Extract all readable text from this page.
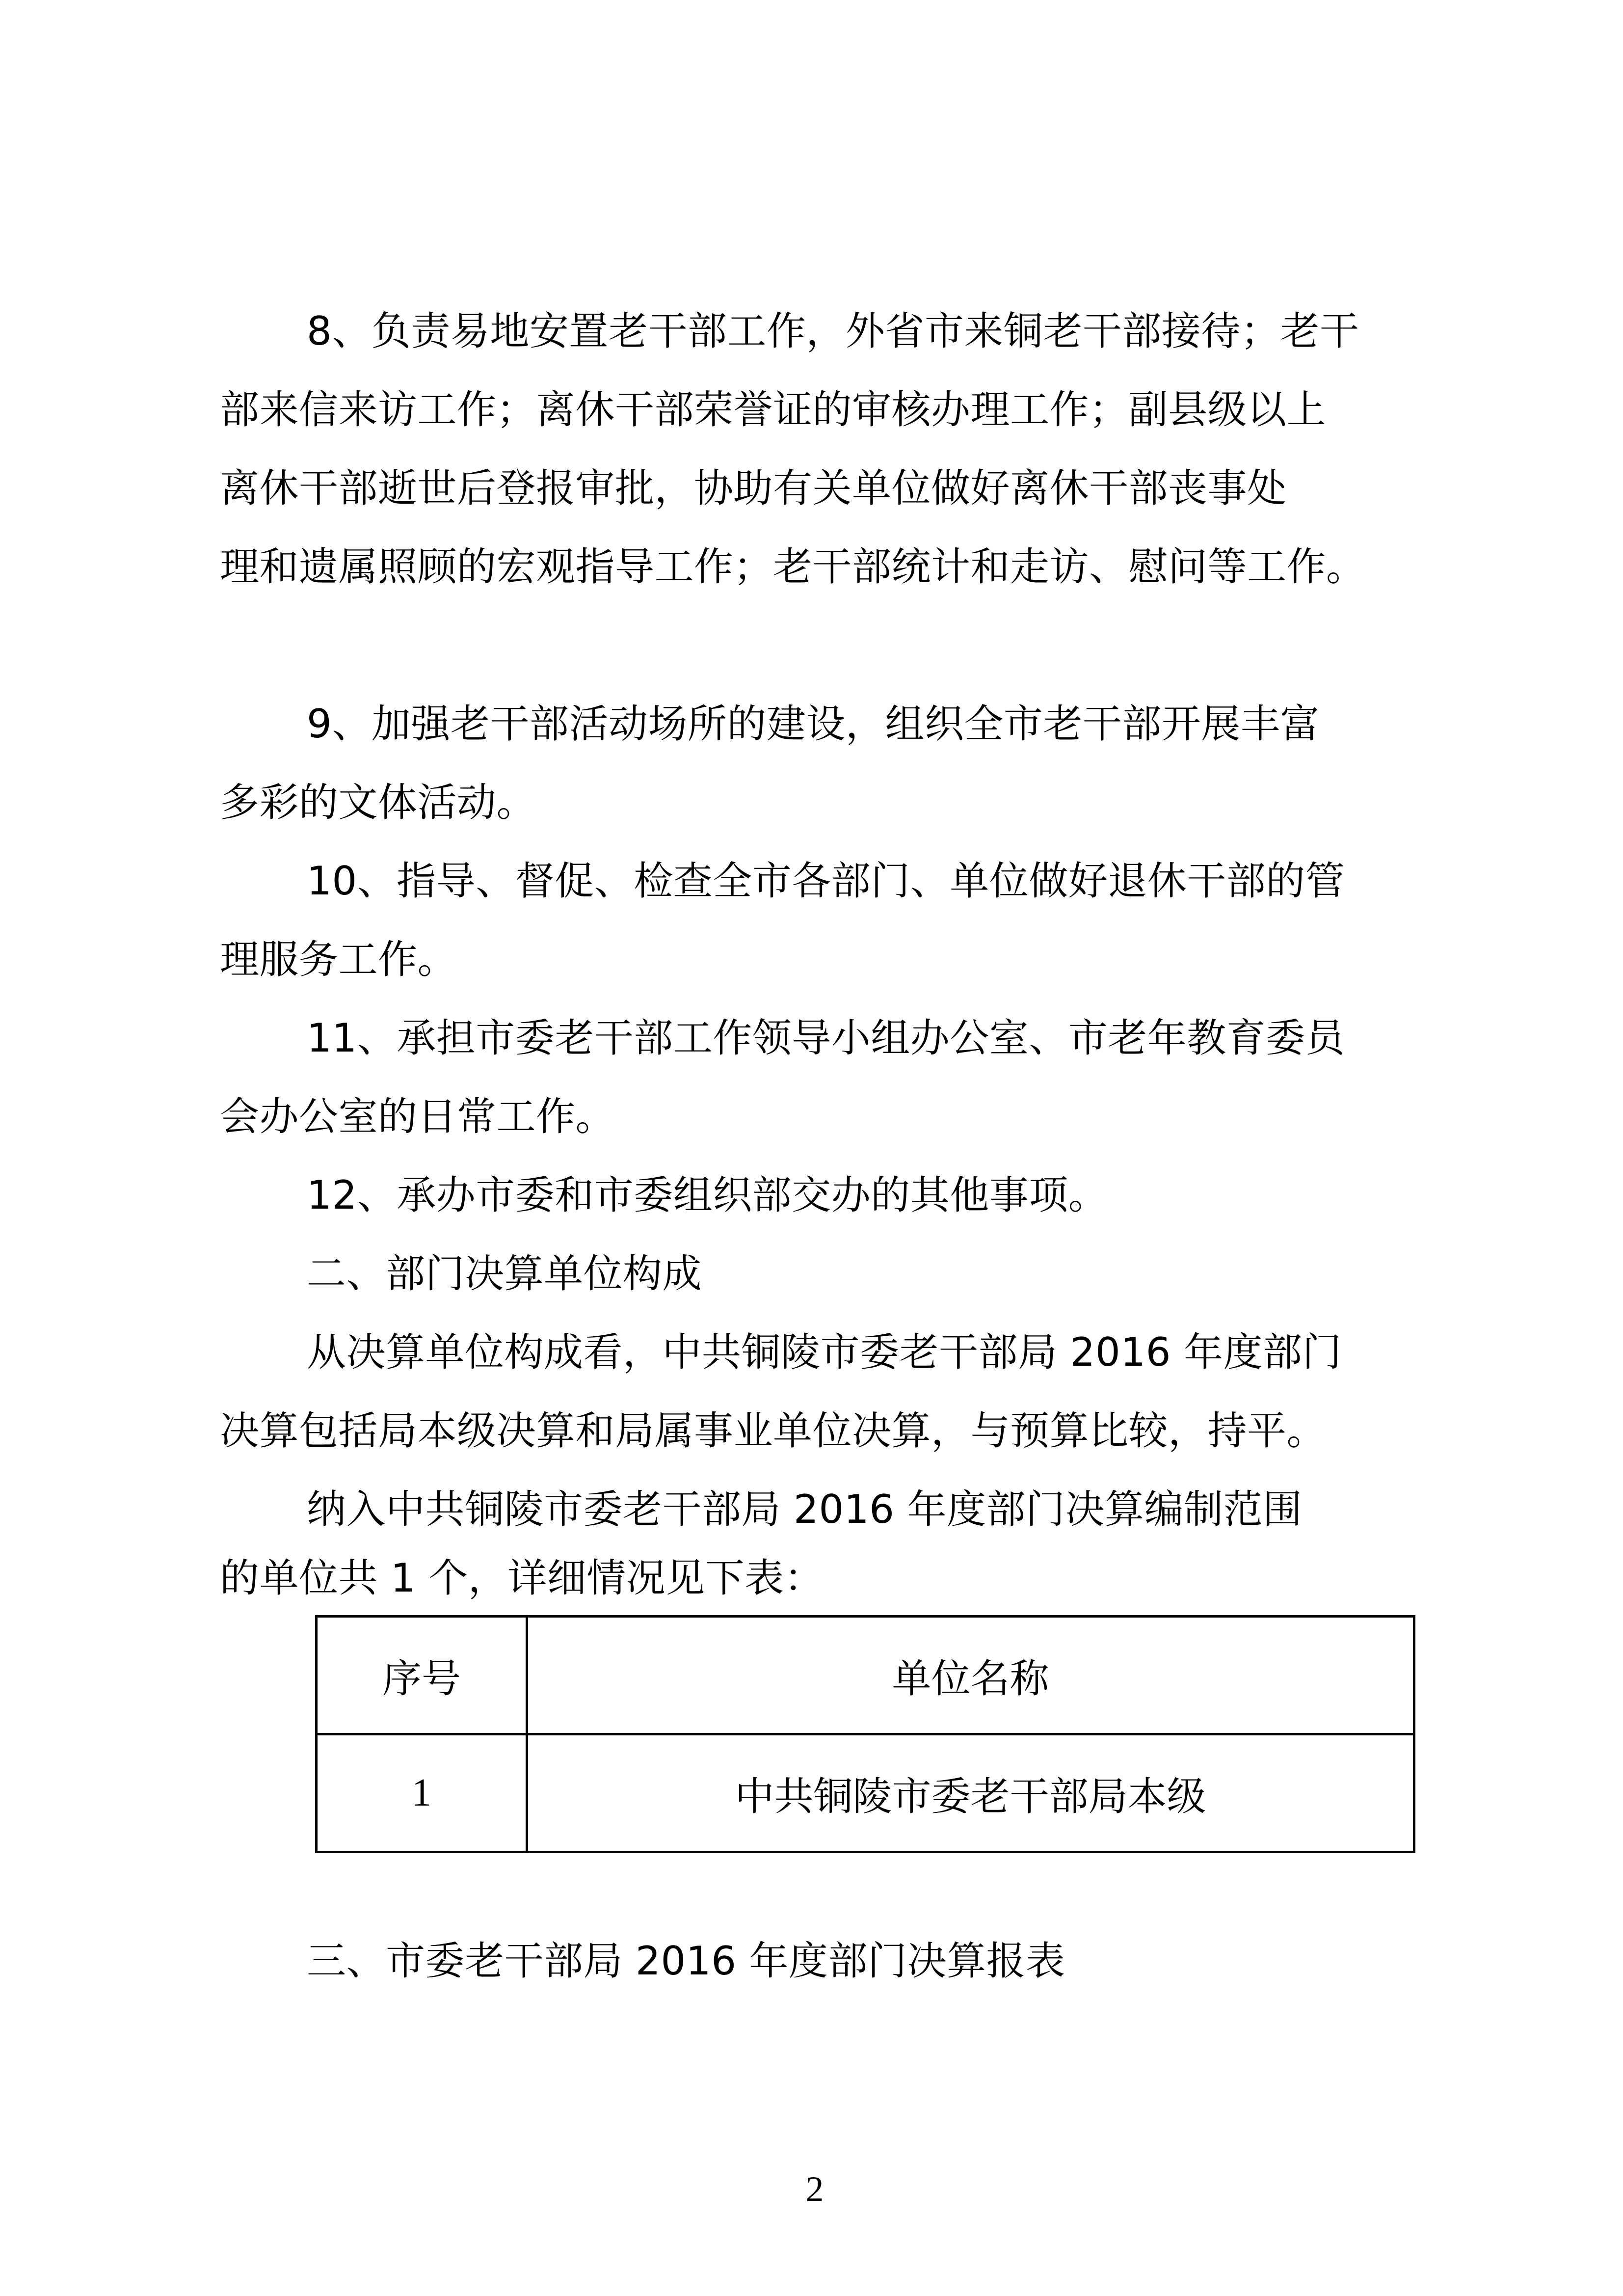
8、负责易地安置老干部工作，外省市来铜老干部接待；老干
部来信来访工作；离休干部荣誉证的审核办理工作；副县级以上
离休干部逝世后登报审批，协助有关单位做好离休干部丧事处
理和遗属照顾的宏观指导工作；老干部统计和走访、慰问等工作。
9、加强老干部活动场所的建设，组织全市老干部开展丰富
多彩的文体活动。
10、指导、督促、检查全市各部门、单位做好退休干部的管
理服务工作。
11、承担市委老干部工作领导小组办公室、市老年教育委员
会办公室的日常工作。
12、承办市委和市委组织部交办的其他事项。
二、部门决算单位构成
从决算单位构成看，中共铜陵市委老干部局 2016 年度部门
决算包括局本级决算和局属事业单位决算，与预算比较，持平。
纳入中共铜陵市委老干部局 2016 年度部门决算编制范围
的单位共 1 个，详细情况见下表：
序号	单位名称
1	中共铜陵市委老干部局本级
三、市委老干部局 2016 年度部门决算报表
2
